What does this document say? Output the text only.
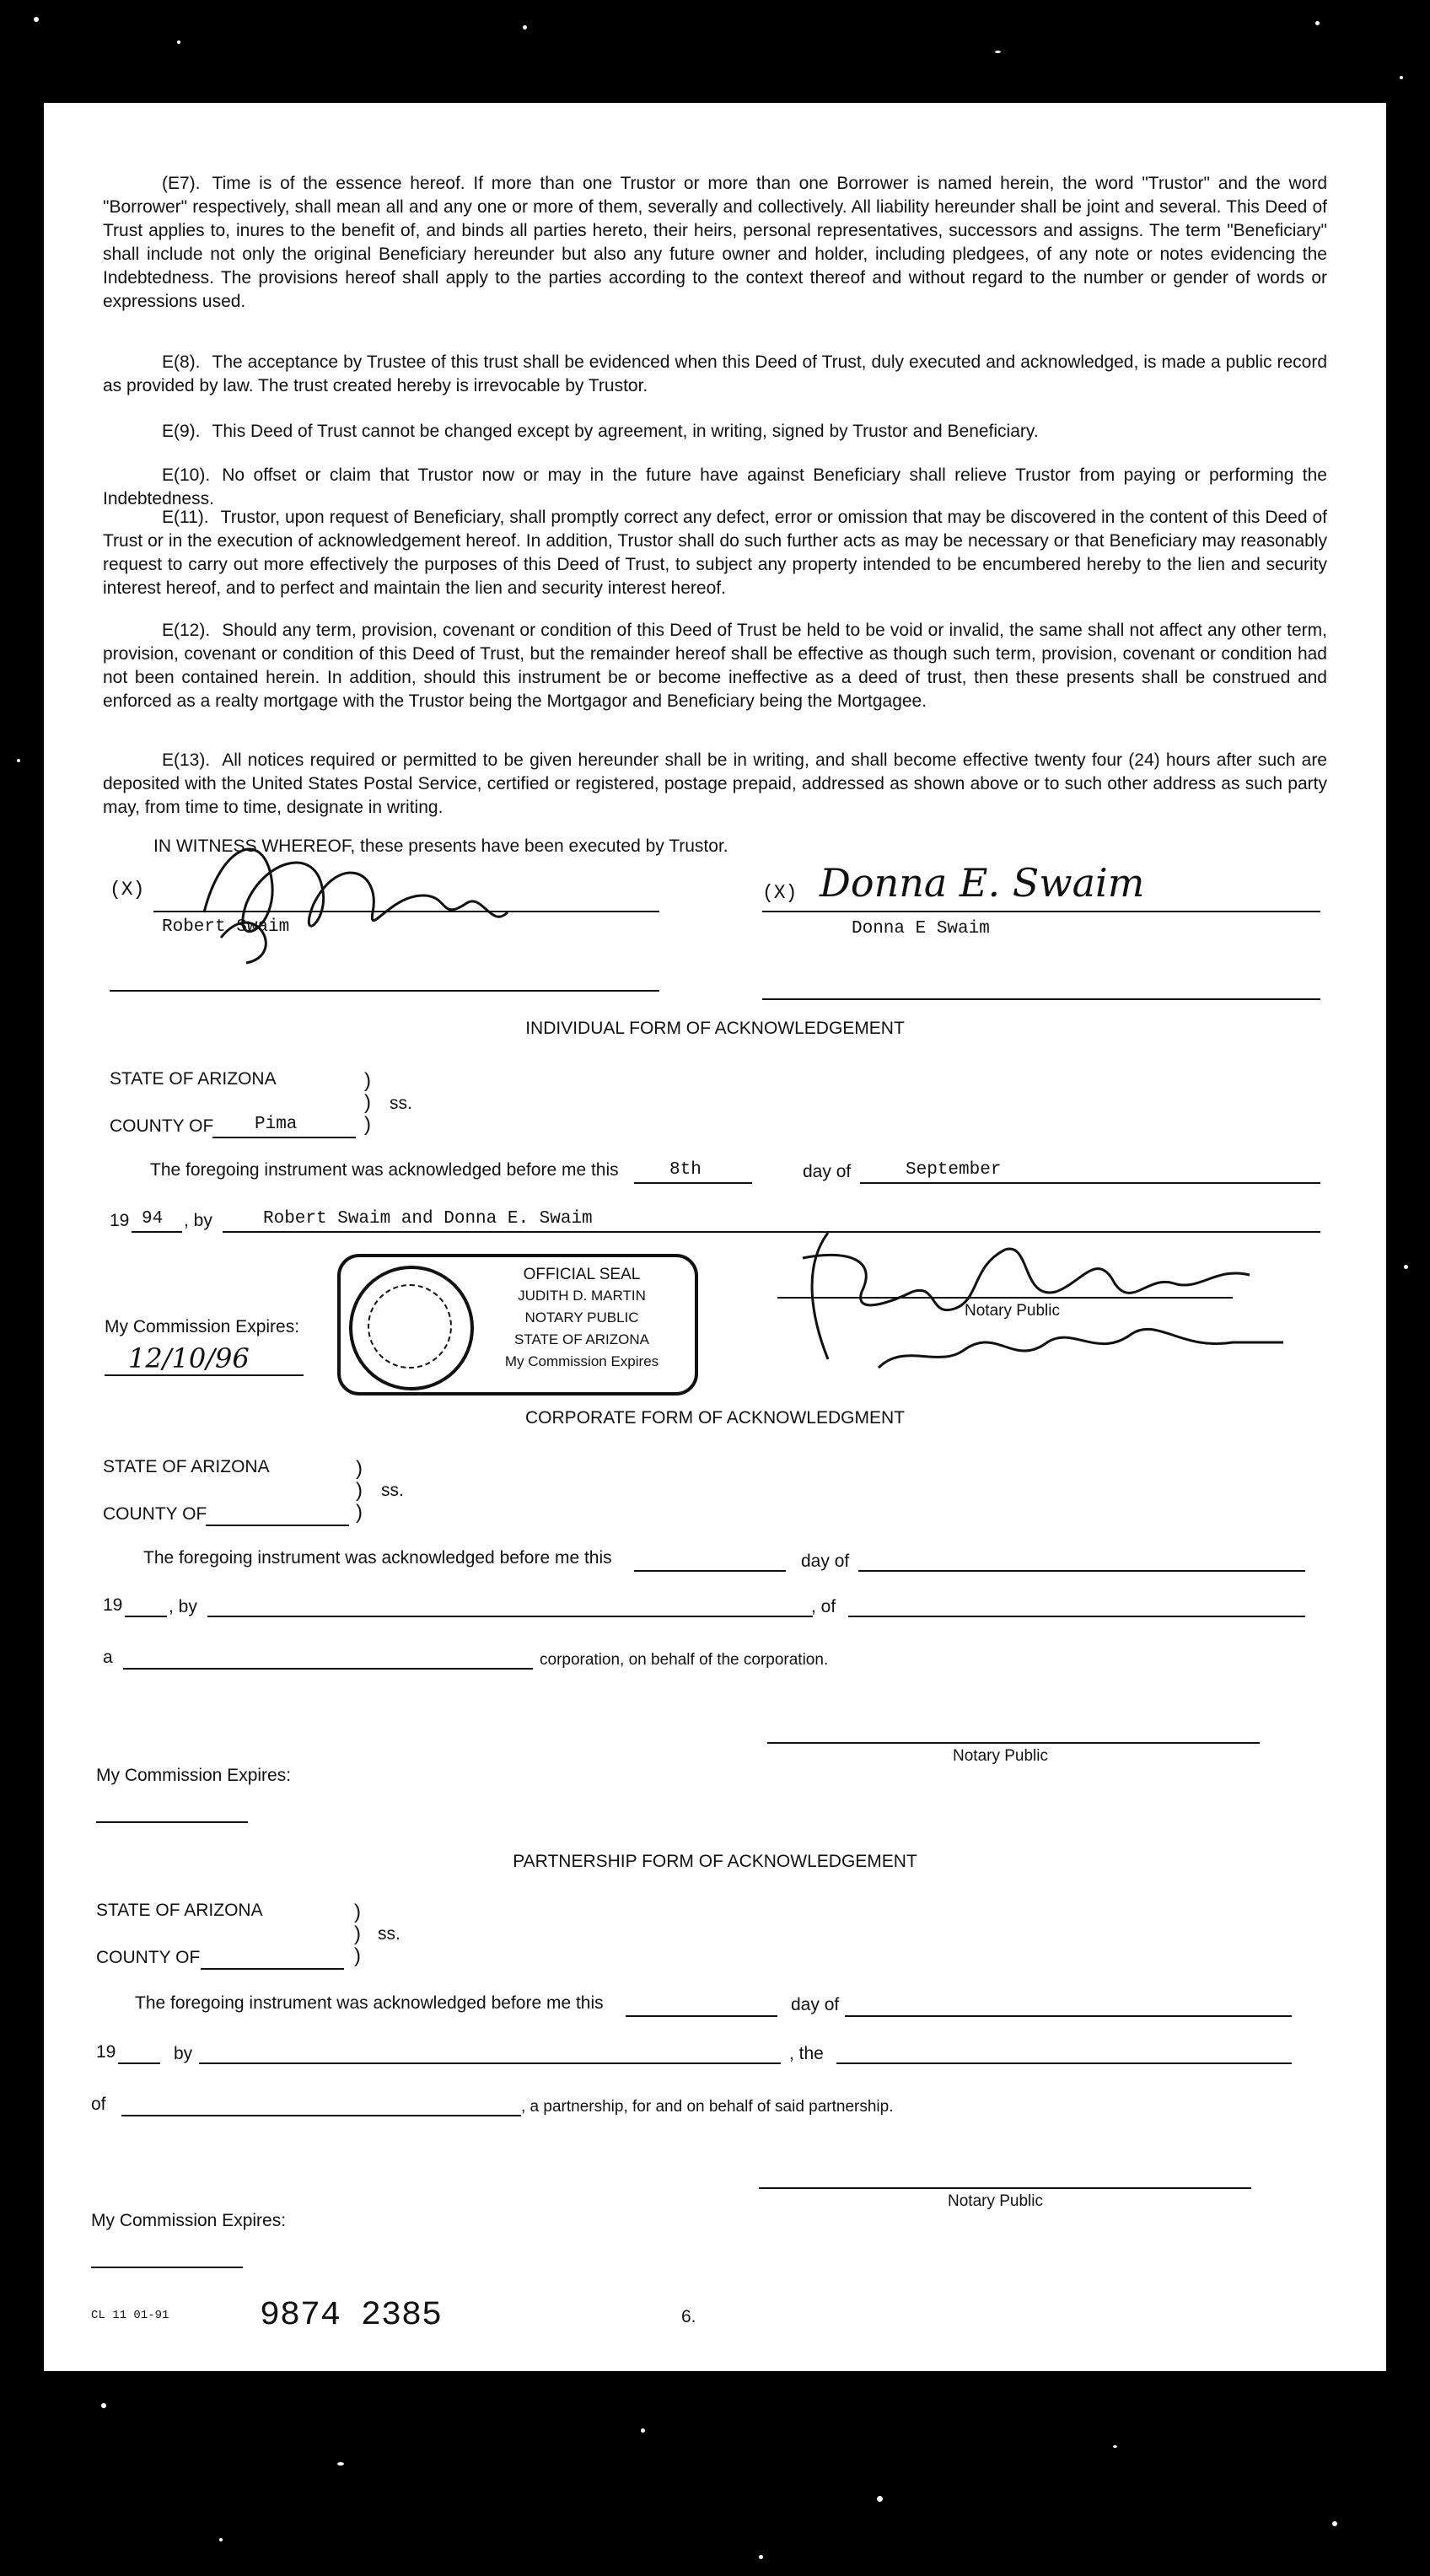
(E7). Time is of the essence hereof. If more than one Trustor or more than one Borrower is named herein, the word "Trustor" and the word "Borrower" respectively, shall mean all and any one or more of them, severally and collectively. All liability hereunder shall be joint and several. This Deed of Trust applies to, inures to the benefit of, and binds all parties hereto, their heirs, personal representatives, successors and assigns. The term "Beneficiary" shall include not only the original Beneficiary hereunder but also any future owner and holder, including pledgees, of any note or notes evidencing the Indebtedness. The provisions hereof shall apply to the parties according to the context thereof and without regard to the number or gender of words or expressions used.
E(8). The acceptance by Trustee of this trust shall be evidenced when this Deed of Trust, duly executed and acknowledged, is made a public record as provided by law. The trust created hereby is irrevocable by Trustor.
E(9). This Deed of Trust cannot be changed except by agreement, in writing, signed by Trustor and Beneficiary.
E(10). No offset or claim that Trustor now or may in the future have against Beneficiary shall relieve Trustor from paying or performing the Indebtedness.
E(11). Trustor, upon request of Beneficiary, shall promptly correct any defect, error or omission that may be discovered in the content of this Deed of Trust or in the execution of acknowledgement hereof. In addition, Trustor shall do such further acts as may be necessary or that Beneficiary may reasonably request to carry out more effectively the purposes of this Deed of Trust, to subject any property intended to be encumbered hereby to the lien and security interest hereof, and to perfect and maintain the lien and security interest hereof.
E(12). Should any term, provision, covenant or condition of this Deed of Trust be held to be void or invalid, the same shall not affect any other term, provision, covenant or condition of this Deed of Trust, but the remainder hereof shall be effective as though such term, provision, covenant or condition had not been contained herein. In addition, should this instrument be or become ineffective as a deed of trust, then these presents shall be construed and enforced as a realty mortgage with the Trustor being the Mortgagor and Beneficiary being the Mortgagee.
E(13). All notices required or permitted to be given hereunder shall be in writing, and shall become effective twenty four (24) hours after such are deposited with the United States Postal Service, certified or registered, postage prepaid, addressed as shown above or to such other address as such party may, from time to time, designate in writing.
IN WITNESS WHEREOF, these presents have been executed by Trustor.
(X)
Robert Swaim
(X) Donna E. Swaim
Donna E Swaim
INDIVIDUAL FORM OF ACKNOWLEDGEMENT
STATE OF ARIZONA	)
)
)
ss.
COUNTY OF Pima
The foregoing instrument was acknowledged before me this	8th	day of	September
19 94 , by	Robert Swaim and Donna E. Swaim
OFFICIAL SEAL
JUDITH D. MARTIN
NOTARY PUBLIC
STATE OF ARIZONA
My Commission Expires
Notary Public
My Commission Expires:
12/10/96
CORPORATE FORM OF ACKNOWLEDGMENT
STATE OF ARIZONA	)
)
)
ss.
COUNTY OF
The foregoing instrument was acknowledged before me this	day of
19	, by	, of
a	corporation, on behalf of the corporation.
Notary Public
My Commission Expires:
PARTNERSHIP FORM OF ACKNOWLEDGEMENT
STATE OF ARIZONA	)
)
)
ss.
COUNTY OF
The foregoing instrument was acknowledged before me this	day of
19	by	, the
of	, a partnership, for and on behalf of said partnership.
Notary Public
My Commission Expires:
CL 11 01-91	9874 2385	6.
